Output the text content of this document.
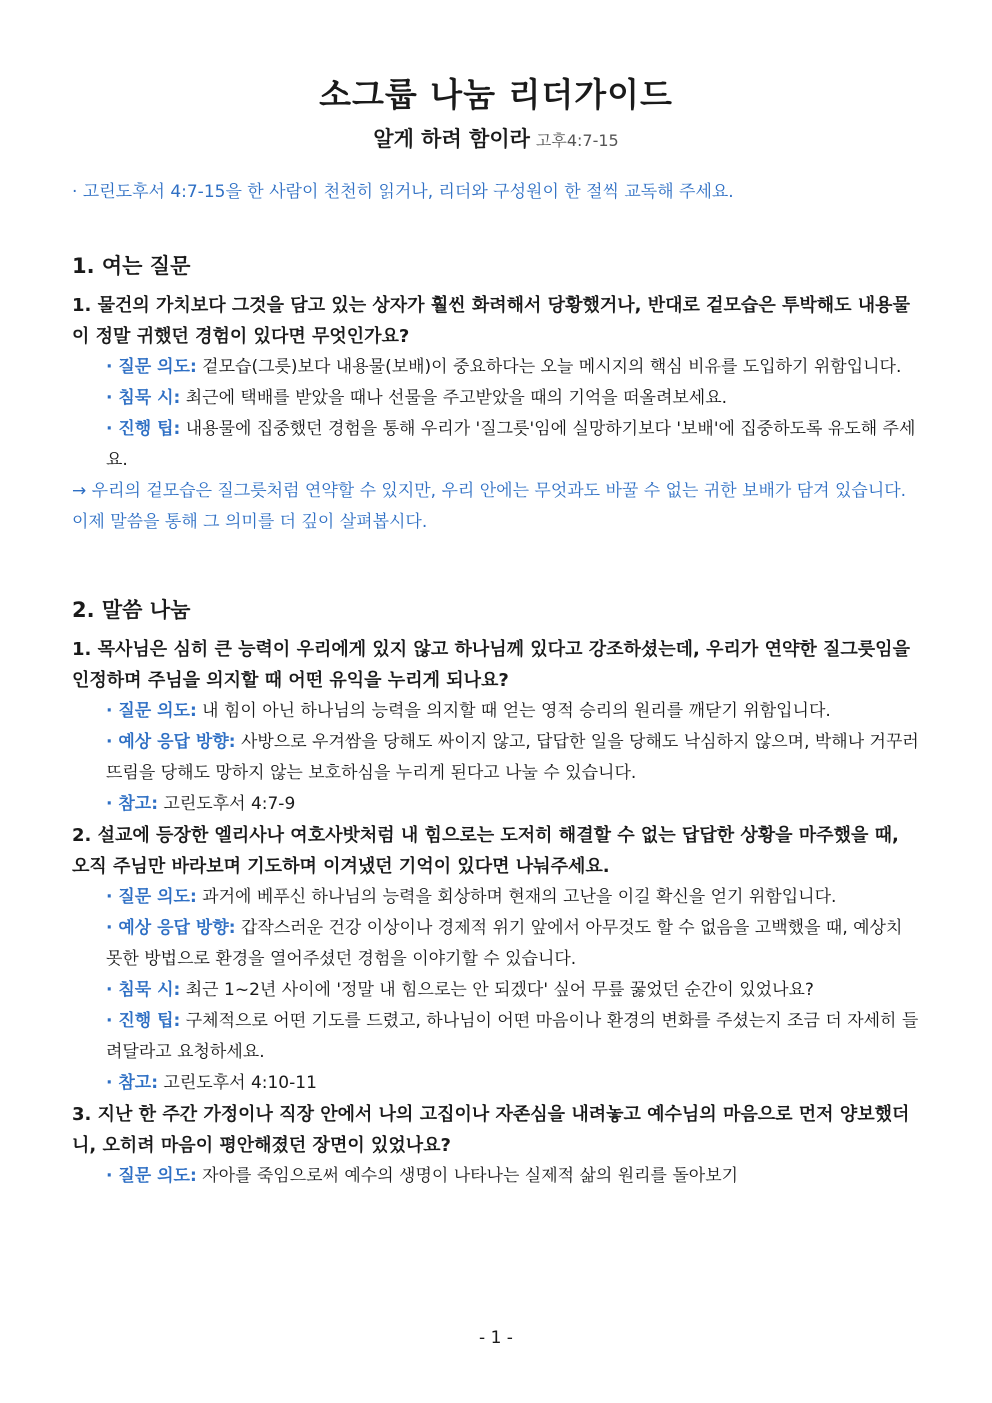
소그룹 나눔 리더가이드
알게 하려 함이라 고후4:7-15

· 고린도후서 4:7-15을 한 사람이 천천히 읽거나, 리더와 구성원이 한 절씩 교독해 주세요.

1. 여는 질문

1. 물건의 가치보다 그것을 담고 있는 상자가 훨씬 화려해서 당황했거나, 반대로 겉모습은 투박해도 내용물이 정말 귀했던 경험이 있다면 무엇인가요?

· 질문 의도: 겉모습(그릇)보다 내용물(보배)이 중요하다는 오늘 메시지의 핵심 비유를 도입하기 위함입니다.

· 침묵 시: 최근에 택배를 받았을 때나 선물을 주고받았을 때의 기억을 떠올려보세요.

· 진행 팁: 내용물에 집중했던 경험을 통해 우리가 '질그릇'임에 실망하기보다 '보배'에 집중하도록 유도해 주세요.

→ 우리의 겉모습은 질그릇처럼 연약할 수 있지만, 우리 안에는 무엇과도 바꿀 수 없는 귀한 보배가 담겨 있습니다. 이제 말씀을 통해 그 의미를 더 깊이 살펴봅시다.

2. 말씀 나눔

1. 목사님은 심히 큰 능력이 우리에게 있지 않고 하나님께 있다고 강조하셨는데, 우리가 연약한 질그릇임을 인정하며 주님을 의지할 때 어떤 유익을 누리게 되나요?

· 질문 의도: 내 힘이 아닌 하나님의 능력을 의지할 때 얻는 영적 승리의 원리를 깨닫기 위함입니다.

· 예상 응답 방향: 사방으로 우겨쌈을 당해도 싸이지 않고, 답답한 일을 당해도 낙심하지 않으며, 박해나 거꾸러뜨림을 당해도 망하지 않는 보호하심을 누리게 된다고 나눌 수 있습니다.

· 참고: 고린도후서 4:7-9

2. 설교에 등장한 엘리사나 여호사밧처럼 내 힘으로는 도저히 해결할 수 없는 답답한 상황을 마주했을 때, 오직 주님만 바라보며 기도하며 이겨냈던 기억이 있다면 나눠주세요.

· 질문 의도: 과거에 베푸신 하나님의 능력을 회상하며 현재의 고난을 이길 확신을 얻기 위함입니다.

· 예상 응답 방향: 갑작스러운 건강 이상이나 경제적 위기 앞에서 아무것도 할 수 없음을 고백했을 때, 예상치 못한 방법으로 환경을 열어주셨던 경험을 이야기할 수 있습니다.

· 침묵 시: 최근 1~2년 사이에 '정말 내 힘으로는 안 되겠다' 싶어 무릎 꿇었던 순간이 있었나요?

· 진행 팁: 구체적으로 어떤 기도를 드렸고, 하나님이 어떤 마음이나 환경의 변화를 주셨는지 조금 더 자세히 들려달라고 요청하세요.

· 참고: 고린도후서 4:10-11

3. 지난 한 주간 가정이나 직장 안에서 나의 고집이나 자존심을 내려놓고 예수님의 마음으로 먼저 양보했더니, 오히려 마음이 평안해졌던 장면이 있었나요?

· 질문 의도: 자아를 죽임으로써 예수의 생명이 나타나는 실제적 삶의 원리를 돌아보기

- 1 -
